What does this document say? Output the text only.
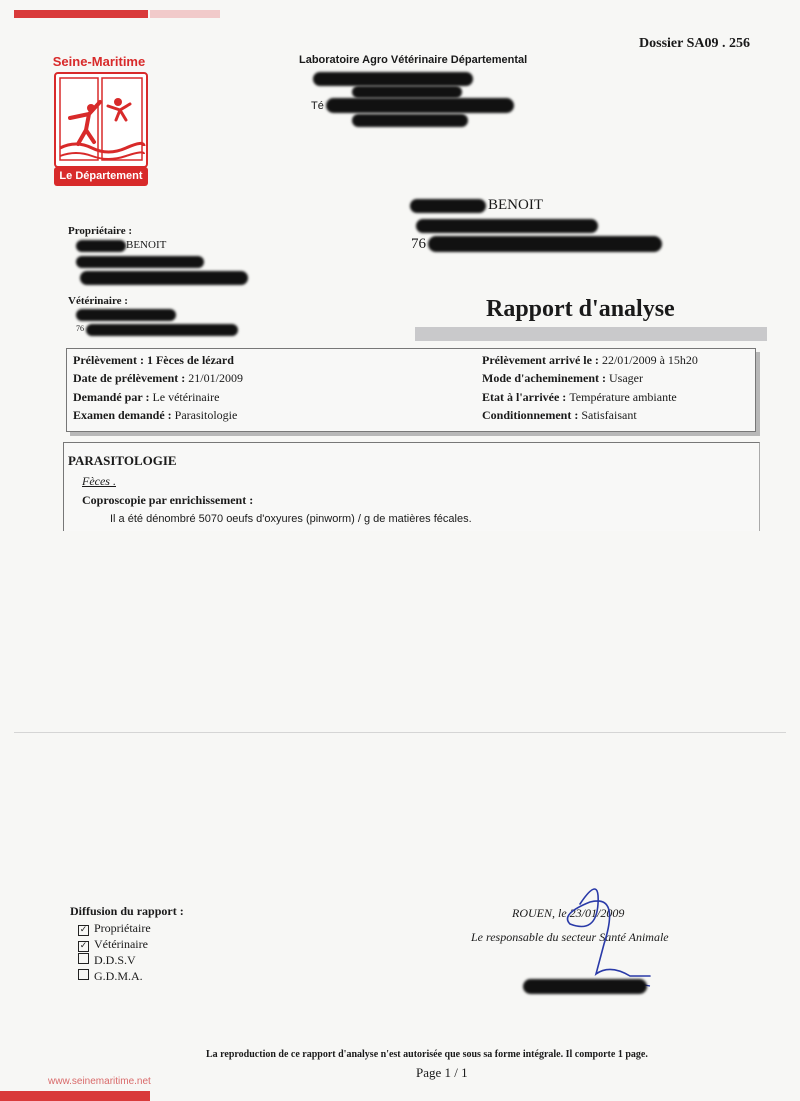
Seine-Maritime
Le Département
Dossier SA09 . 256
Laboratoire Agro Vétérinaire Départemental
Té
BENOIT
76
Propriétaire :
BENOIT
Vétérinaire :
76
Rapport d'analyse
Prélèvement : 1 Fèces de lézard
Date de prélèvement : 21/01/2009
Demandé par : Le vétérinaire
Examen demandé : Parasitologie
Prélèvement arrivé le : 22/01/2009 à 15h20
Mode d'acheminement : Usager
Etat à l'arrivée : Température ambiante
Conditionnement : Satisfaisant
PARASITOLOGIE
Fèces .
Coproscopie par enrichissement :
Il a été dénombré 5070 oeufs d'oxyures (pinworm) / g de matières fécales.
Diffusion du rapport :
✓ Propriétaire
✓ Vétérinaire
D.D.S.V
G.D.M.A.
ROUEN, le 23/01/2009
Le responsable du secteur Santé Animale
La reproduction de ce rapport d'analyse n'est autorisée que sous sa forme intégrale. Il comporte 1 page.
Page 1 / 1
www.seinemaritime.net
